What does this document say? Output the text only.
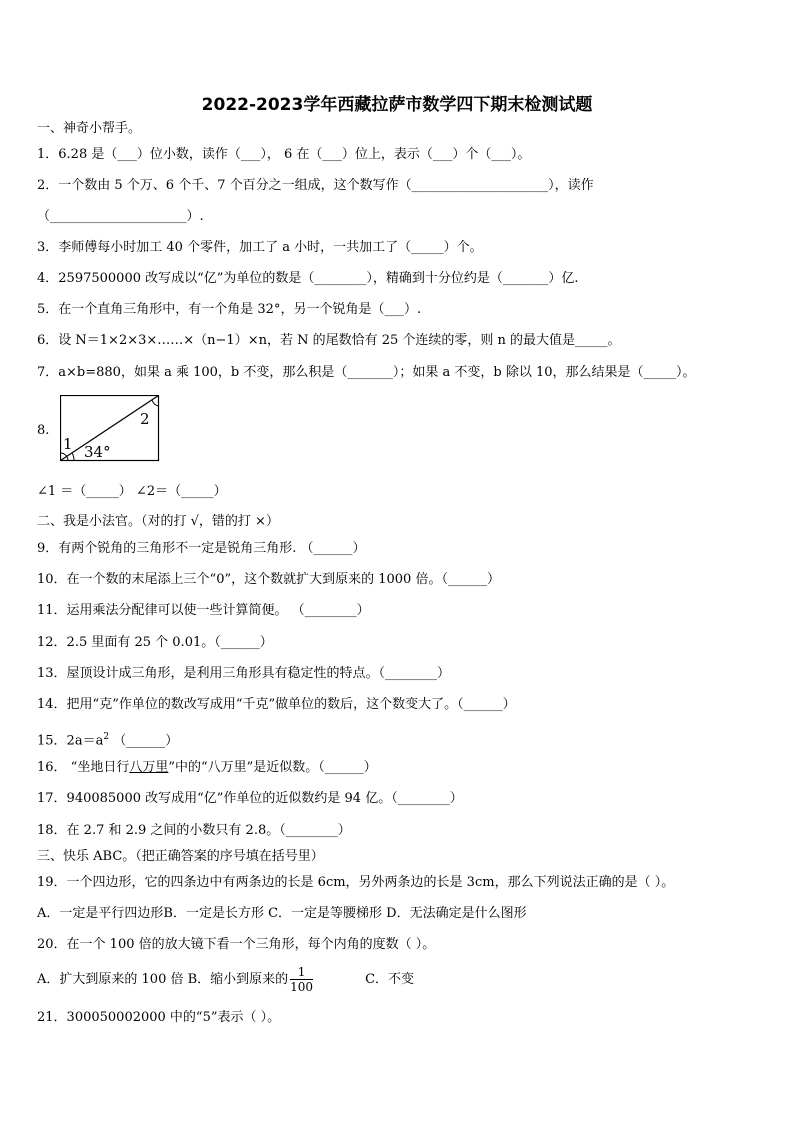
2022-2023学年西藏拉萨市数学四下期末检测试题
一、神奇小帮手。
1．6.28 是（___）位小数，读作（___）， 6 在（___）位上，表示（___）个（___）。
2．一个数由 5 个万、6 个千、7 个百分之一组成，这个数写作（_____________________），读作
（_____________________）.
3．李师傅每小时加工 40 个零件，加工了 a 小时，一共加工了（_____）个。
4．2597500000 改写成以“亿”为单位的数是（________），精确到十分位约是（_______）亿.
5．在一个直角三角形中，有一个角是 32°，另一个锐角是（___）.
6．设 N＝1×2×3×……×（n−1）×n，若 N 的尾数恰有 25 个连续的零，则 n 的最大值是_____。
7．a×b=880，如果 a 乘 100，b 不变，那么积是（_______）；如果 a 不变，b 除以 10，那么结果是（_____）。
8.
1
2
34°
∠1 ＝（_____） ∠2＝（_____）
二、我是小法官。（对的打 √，错的打 ×）
9．有两个锐角的三角形不一定是锐角三角形. （______）
10．在一个数的末尾添上三个“0”，这个数就扩大到原来的 1000 倍。（______）
11．运用乘法分配律可以使一些计算简便。 （________）
12．2.5 里面有 25 个 0.01。（______）
13．屋顶设计成三角形，是利用三角形具有稳定性的特点。（________）
14．把用“克”作单位的数改写成用“千克”做单位的数后，这个数变大了。（______）
15．$2a=a^2$ （______）
16． “坐地日行八万里”中的“八万里”是近似数。（______）
17．940085000 改写成用“亿”作单位的近似数约是 94 亿。（________）
18．在 2.7 和 2.9 之间的小数只有 2.8。（________）
三、快乐 ABC。（把正确答案的序号填在括号里）
19．一个四边形，它的四条边中有两条边的长是 6cm，另外两条边的长是 3cm，那么下列说法正确的是（ ）。
A．一定是平行四边形B．一定是长方形 C．一定是等腰梯形 D．无法确定是什么图形
20．在一个 100 倍的放大镜下看一个三角形，每个内角的度数（ ）。
A．扩大到原来的 100 倍 B．缩小到原来的 $\frac{1}{100}$	C．不变
21．300050002000 中的“5”表示（ ）。
